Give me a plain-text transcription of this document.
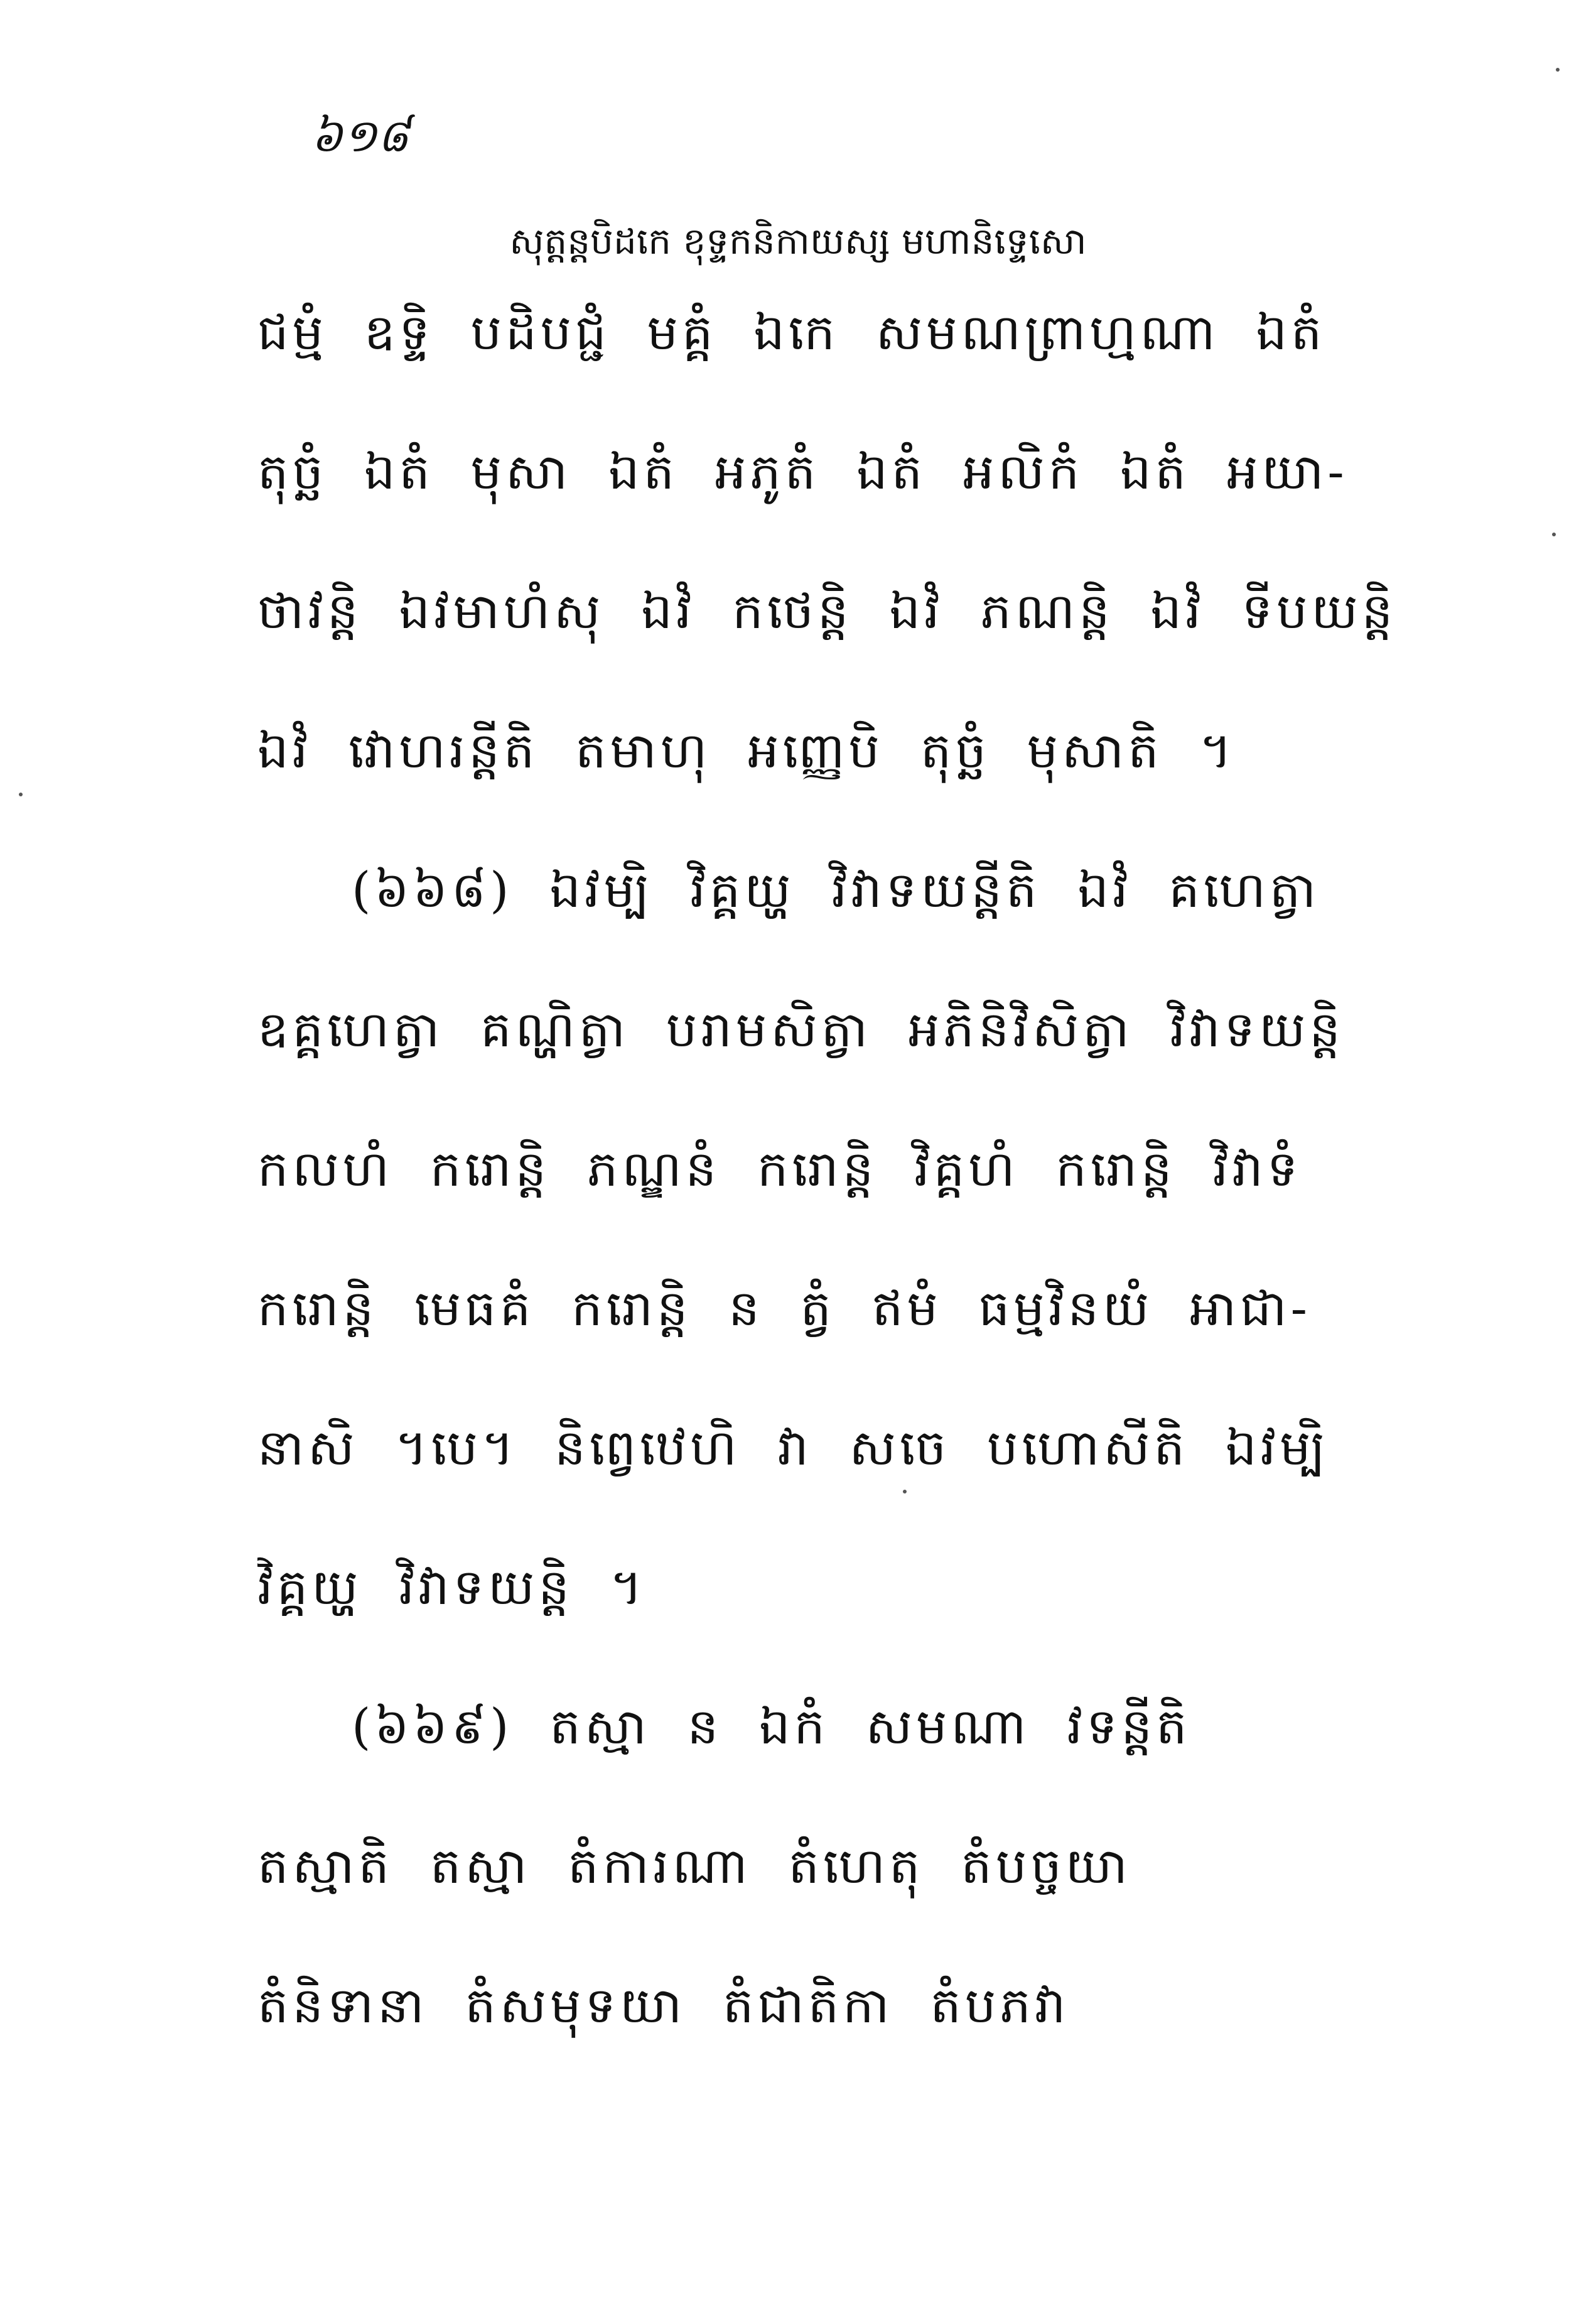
៦១៨
សុត្តន្តបិដកេ ខុទ្ទកនិកាយស្ស មហានិទ្ទេសោ
ជម្មំ ឧទ្ទិ បដិបជ្ជំ មគ្គំ ឯកេ សមណព្រាហ្មណា ឯតំ
តុច្ឆំ ឯតំ មុសា ឯតំ អភូតំ ឯតំ អលិកំ ឯតំ អយា-
ថាវន្តិ ឯវមាហំសុ ឯវំ កថេន្តិ ឯវំ ភណន្តិ ឯវំ ទីបយន្តិ
ឯវំ វោហរន្តីតិ តមាហុ អញ្ញេបិ តុច្ឆំ មុសាតិ ។
(៦៦៨) ឯវម្បិ វិគ្គយ្ហ វិវាទយន្តីតិ ឯវំ គហេត្វា
ឧគ្គហេត្វា គណ្ហិត្វា បរាមសិត្វា អភិនិវិសិត្វា វិវាទយន្តិ
កលហំ ករោន្តិ ភណ្ឌនំ ករោន្តិ វិគ្គហំ ករោន្តិ វិវាទំ
ករោន្តិ មេធគំ ករោន្តិ ន ត្វំ ឥមំ ធម្មវិនយំ អាជា-
នាសិ ។បេ។ និព្វេឋេហិ វា សចេ បហោសីតិ ឯវម្បិ
វិគ្គយ្ហ វិវាទយន្តិ ។
(៦៦៩) តស្មា ន ឯកំ សមណា វទន្តីតិ
តស្មាតិ តស្មា តំការណា តំហេតុ តំបច្ចយា
តំនិទានា តំសមុទយា តំជាតិកា តំបភវា
